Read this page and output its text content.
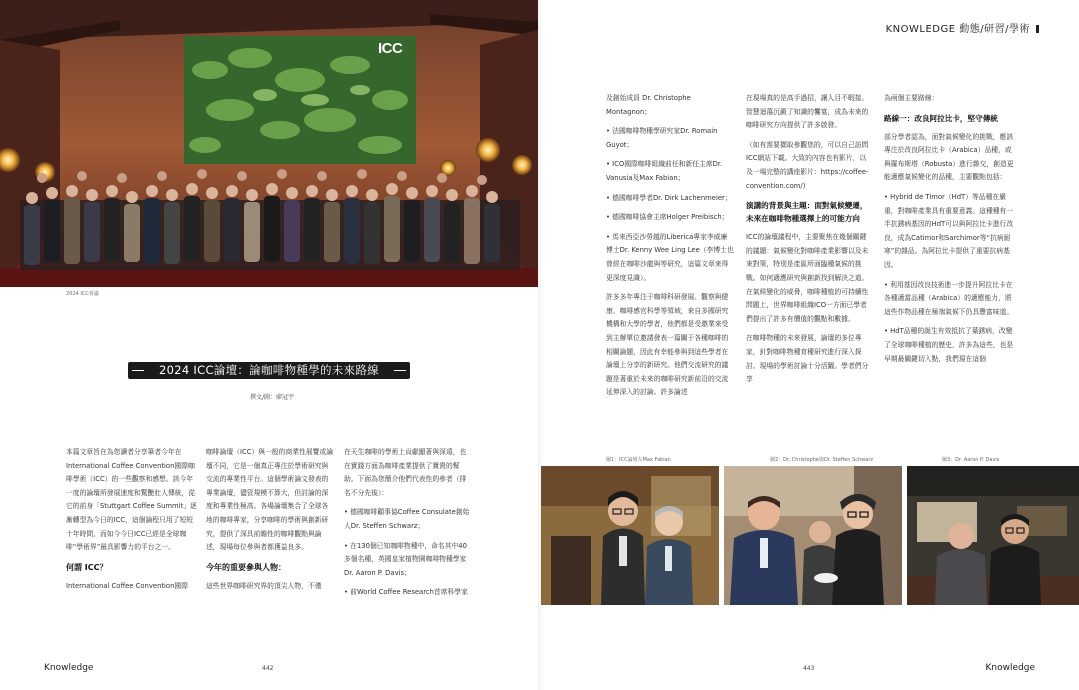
ICC
2024 ICC會議
2024 ICC論壇：論咖啡物種學的未來路線
撰文/圖：廖冠宇

本篇文章旨在為您讀者分享筆者今年在International Coffee Convention國際咖啡學術（ICC）的一些觀察和感想。該今年一度的論壇所發展速度和驚艷壯人傳統，從它的前身「Stuttgart Coffee Summit」逐漸轉型為今日的ICC，這個論程只用了短短十年時間，而如今今日ICC已經是全球咖啡“學術界”最具影響力的平台之一。

何謂 ICC？

International Coffee Convention國際

咖啡論壇（ICC）與一般的商業性展覽或論壇不同，它是一個真正專注於學術研究與交流的專業性平台。這個學術論文發表的專業論壇，儘管規模不算大，但討論的深度和專業性極高。各場論壇集合了全球各地的咖啡專家，分享咖啡的學術與創新研究，提供了深具前瞻性的咖啡觀點與論述，現場每位參與者都獲益良多。

今年的重要參與人物：

這些世界咖啡研究界的頂尖人物，不僅

在天生咖啡的學術上貢獻顯著與深遠，也在實踐方面為咖啡產業提供了寶貴的幫助。下面為您簡介他們代表性的參者（排名不分先後）：

• 德國咖啡顧事協Coffee Consulate創始人Dr. Steffen Schwarz；

• 在130個已知咖啡物種中，命名其中40多個名種，英國皇家植物園咖啡物種學家Dr. Aaron P. Davis；

• 前World Coffee Research首席科學家

Knowledge	442
KNOWLEDGE 動態/研習/學術

及創始成員 Dr. Christophe Montagnon；

• 法國咖啡物種學研究家Dr. Romain Guyot；

• ICO國際咖啡組織前任和新任主席Dr. Vanusia及Max Fabian；

• 德國咖啡學者Dr. Dirk Lachenmeier；

• 德國咖啡協會主席Holger Preibisch；

• 馬來西亞沙勞越的Liberica專家李威廉博士Dr. Kenny Wee Ling Lee（李博士也曾經在咖啡沙龍與等研究，這篇文章來得更深度見識）。

許多多年專注于咖啡科研發展、觀察與健康、咖啡感官科學等領域，來自多國研究機構和大學的學者，他們都是受邀業來受到主辦單位邀請發表一篇關于各種咖啡的相關論題，因此有幸能參與到這些學者在論壇上分享的新研究。他們交流研究的議題是著重於未來的咖啡研究新前沿的交流延伸深入的討論。許多論述

在現場真的是高手過招，讓人目不暇接。智慧迴蕩沉澱了知識的饗宴，成為未來的咖啡研究方向提供了許多啟發。

（如有需要擷取參觀您的，可以自己訪問ICC網站下載。大致的內容也有影片，以及一場完整的講座影片：https://coffee-convention.com/)

演講的背景與主題：面對氣候變遷，未來在咖啡物種選擇上的可能方向

ICC的論壇議程中，主要聚焦在幾個關鍵的議題：氣候變化對咖啡產業影響以及未來對策，特別是產區所面臨種氣候的挑戰。如何適應研究與創新找到解決之道。在氣候變化的威脅，咖啡種植的可持續性問題上，世界咖啡組織ICO一方面已學者們提出了許多有價值的觀點和數據。

在咖啡物種的未來發展，論壇的多位專家，針對咖啡物種育種研究進行深入探討。現場的學術討論十分活躍。學者們分享

為兩個主要路線：

路線一：改良阿拉比卡，堅守傳統

部分學者認為，面對氣候變化的挑戰，應該專注於改良阿拉比卡（Arabica）品種，或與羅布斯塔（Robusta）進行雜交，創造更能適應氣候變化的品種，主要觀點包括：

• Hybrid de Timor（HdT）等品種在嚴重，對咖啡產業具有重要意義。這種種有一半抗銹病基因的HdT可以與阿拉比卡進行改良，成為Catimor和Sarchimor等“抗病耐寒”的雜品。為阿拉比卡提供了重要抗病基因。

• 利用基因改良技術進一步提升阿拉比卡在各種適當品種（Arabica）的適應能力，將這些作物品種在極端氣候下仍具豐富味道。

• HdT品種的誕生有效抵抗了葉銹病，改變了全球咖啡種植的歷史，許多為這些，也是早期最關鍵切入點，我們現在這個

圖1：ICC論壇左Max Fabian	圖2：Dr. Christophe與Dr. Steffen Schwarz	圖3：Dr. Aaron P. Davis
443	Knowledge
